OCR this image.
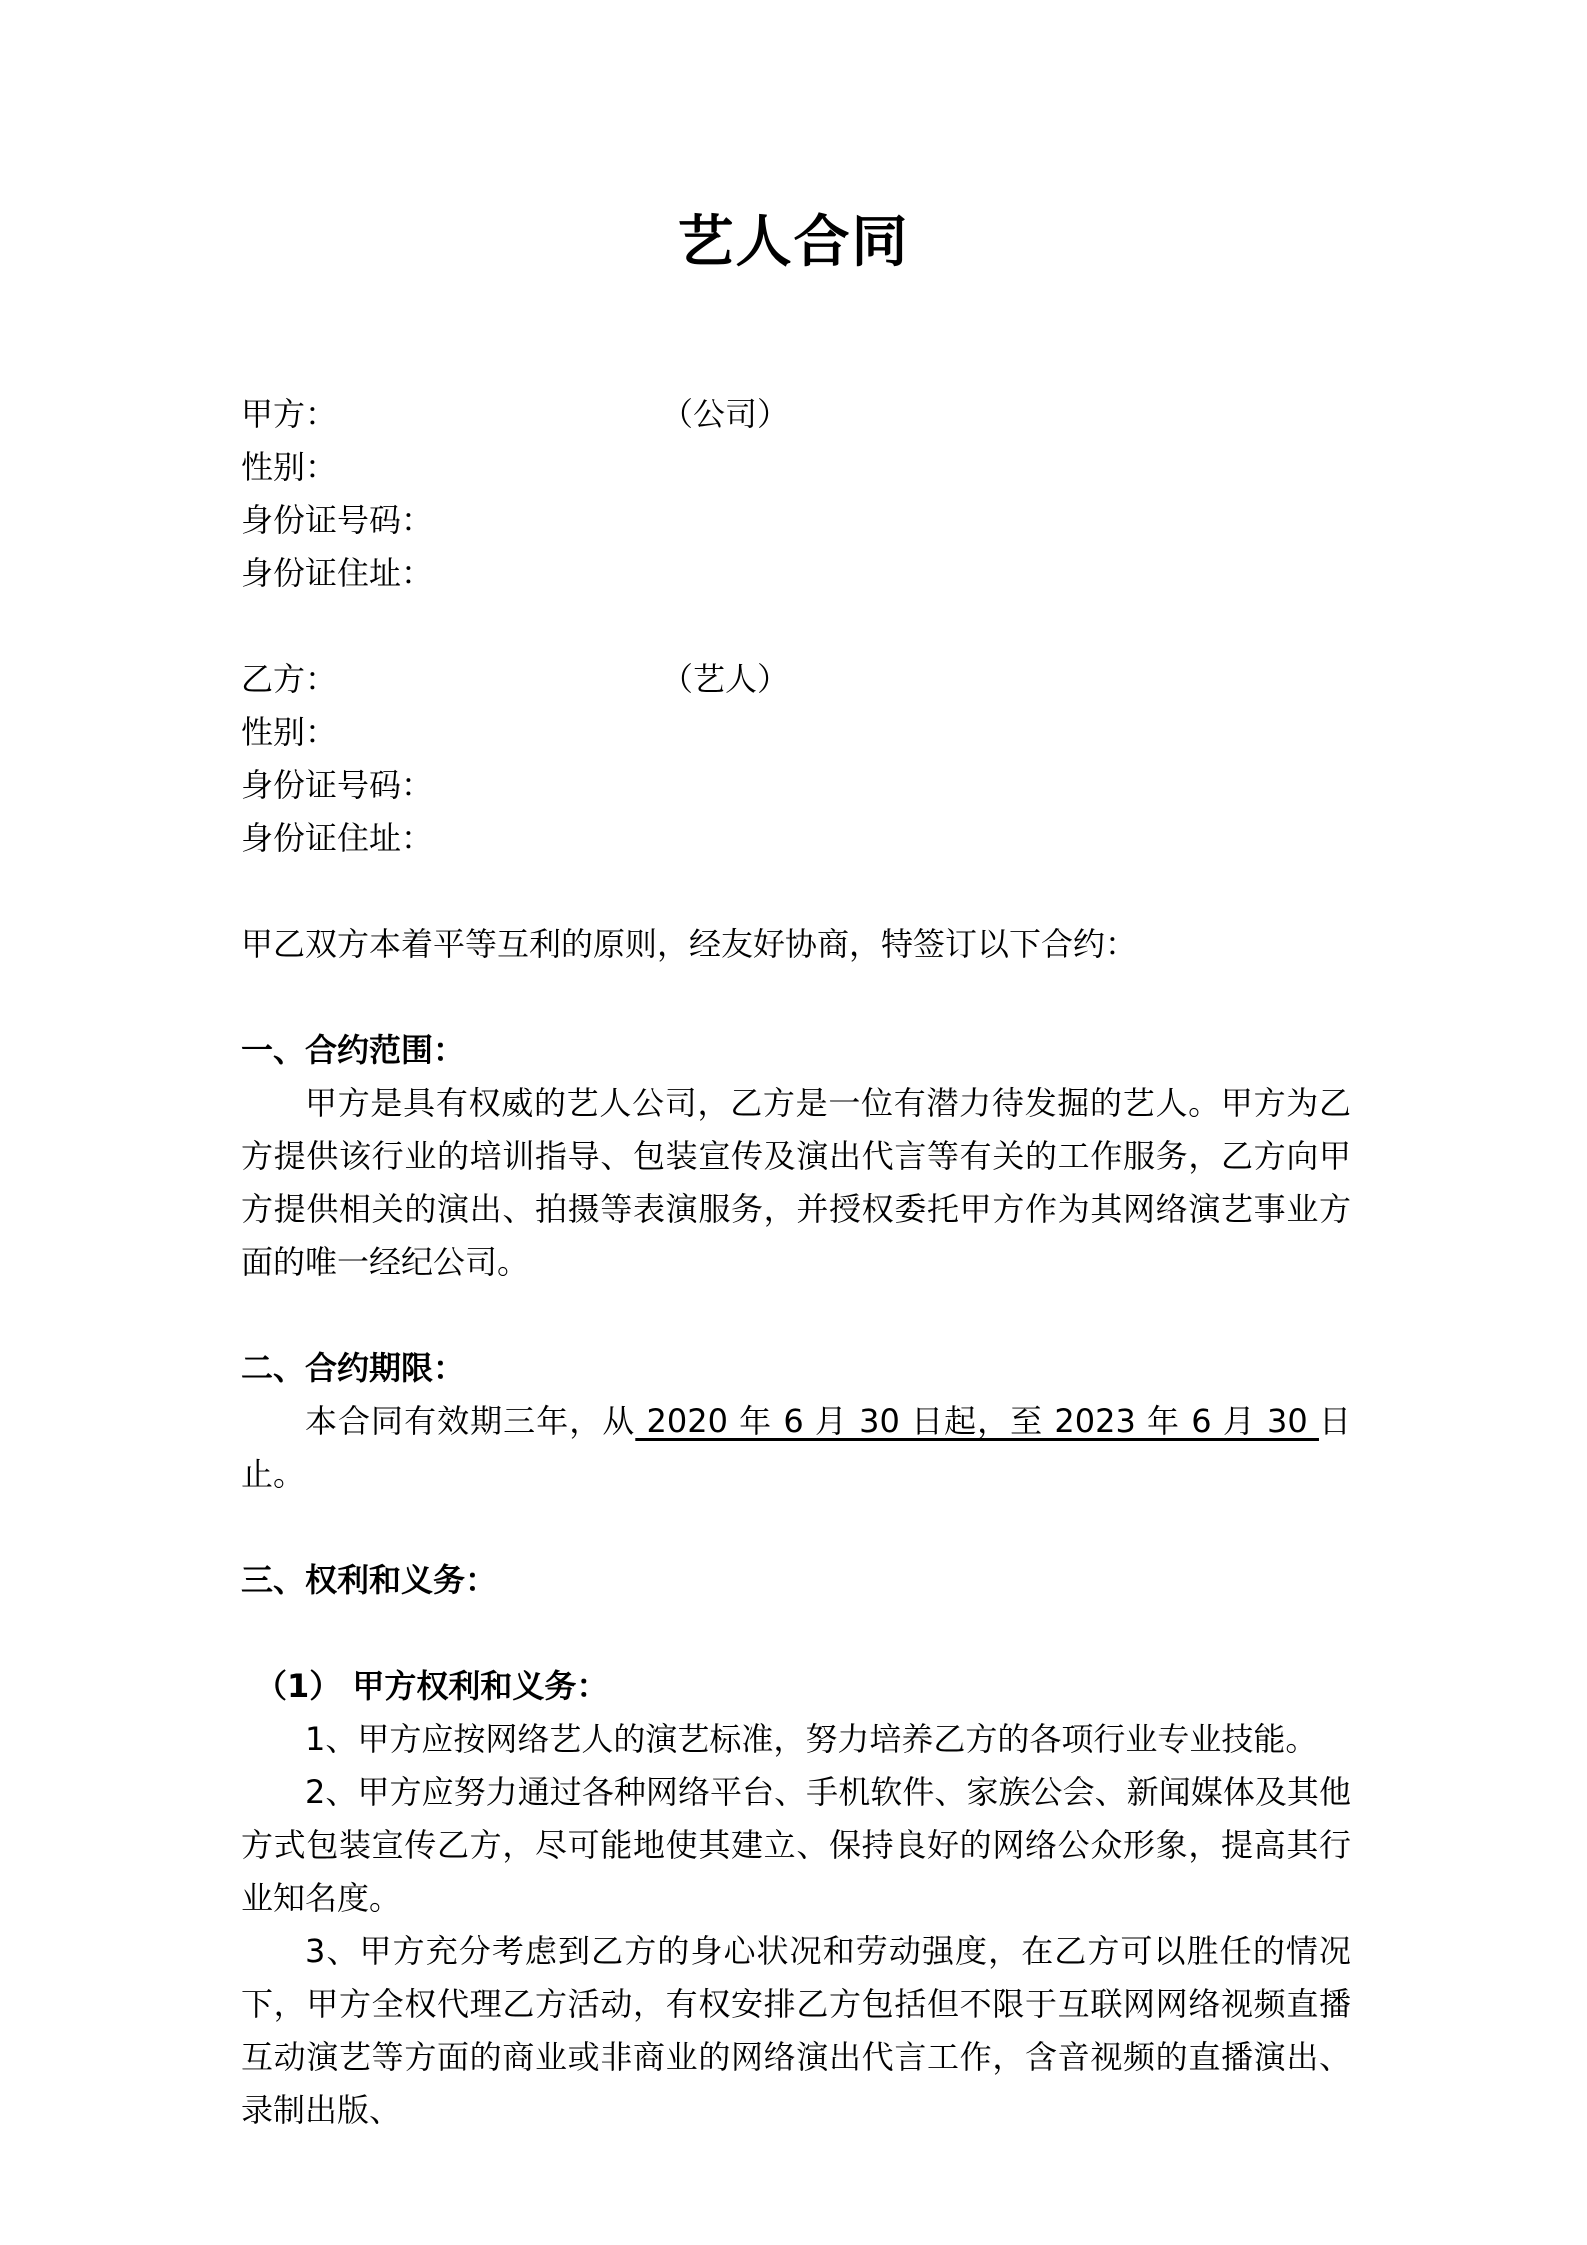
艺人合同
甲方：	（公司）
性别：
身份证号码：
身份证住址：
乙方：	（艺人）
性别：
身份证号码：
身份证住址：
甲乙双方本着平等互利的原则，经友好协商，特签订以下合约：
一、合约范围：
甲方是具有权威的艺人公司，乙方是一位有潜力待发掘的艺人。甲方为乙方提供该行业的培训指导、包装宣传及演出代言等有关的工作服务，乙方向甲方提供相关的演出、拍摄等表演服务，并授权委托甲方作为其网络演艺事业方面的唯一经纪公司。
二、合约期限：
本合同有效期三年，从 2020 年 6 月 30 日起，至 2023 年 6 月 30 日止。
三、权利和义务：
（1） 甲方权利和义务：
1、甲方应按网络艺人的演艺标准，努力培养乙方的各项行业专业技能。
2、甲方应努力通过各种网络平台、手机软件、家族公会、新闻媒体及其他方式包装宣传乙方，尽可能地使其建立、保持良好的网络公众形象，提高其行业知名度。
3、甲方充分考虑到乙方的身心状况和劳动强度，在乙方可以胜任的情况下，甲方全权代理乙方活动，有权安排乙方包括但不限于互联网网络视频直播互动演艺等方面的商业或非商业的网络演出代言工作，含音视频的直播演出、录制出版、
